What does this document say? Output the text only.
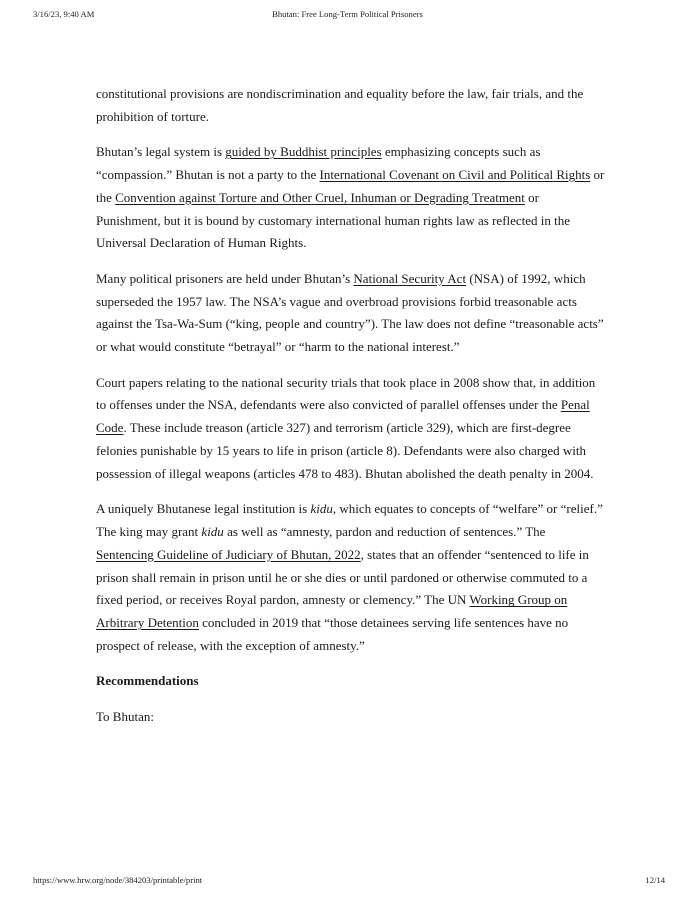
3/16/23, 9:40 AM	Bhutan: Free Long-Term Political Prisoners

constitutional provisions are nondiscrimination and equality before the law, fair trials, and the prohibition of torture.

Bhutan’s legal system is guided by Buddhist principles emphasizing concepts such as “compassion.” Bhutan is not a party to the International Covenant on Civil and Political Rights or the Convention against Torture and Other Cruel, Inhuman or Degrading Treatment or Punishment, but it is bound by customary international human rights law as reflected in the Universal Declaration of Human Rights.

Many political prisoners are held under Bhutan’s National Security Act (NSA) of 1992, which superseded the 1957 law. The NSA’s vague and overbroad provisions forbid treasonable acts against the Tsa-Wa-Sum (“king, people and country”). The law does not define “treasonable acts” or what would constitute “betrayal” or “harm to the national interest.”

Court papers relating to the national security trials that took place in 2008 show that, in addition to offenses under the NSA, defendants were also convicted of parallel offenses under the Penal Code. These include treason (article 327) and terrorism (article 329), which are first-degree felonies punishable by 15 years to life in prison (article 8). Defendants were also charged with possession of illegal weapons (articles 478 to 483). Bhutan abolished the death penalty in 2004.

A uniquely Bhutanese legal institution is kidu, which equates to concepts of “welfare” or “relief.” The king may grant kidu as well as “amnesty, pardon and reduction of sentences.” The Sentencing Guideline of Judiciary of Bhutan, 2022, states that an offender “sentenced to life in prison shall remain in prison until he or she dies or until pardoned or otherwise commuted to a fixed period, or receives Royal pardon, amnesty or clemency.” The UN Working Group on Arbitrary Detention concluded in 2019 that “those detainees serving life sentences have no prospect of release, with the exception of amnesty.”

Recommendations
To Bhutan:
https://www.hrw.org/node/384203/printable/print	12/14
